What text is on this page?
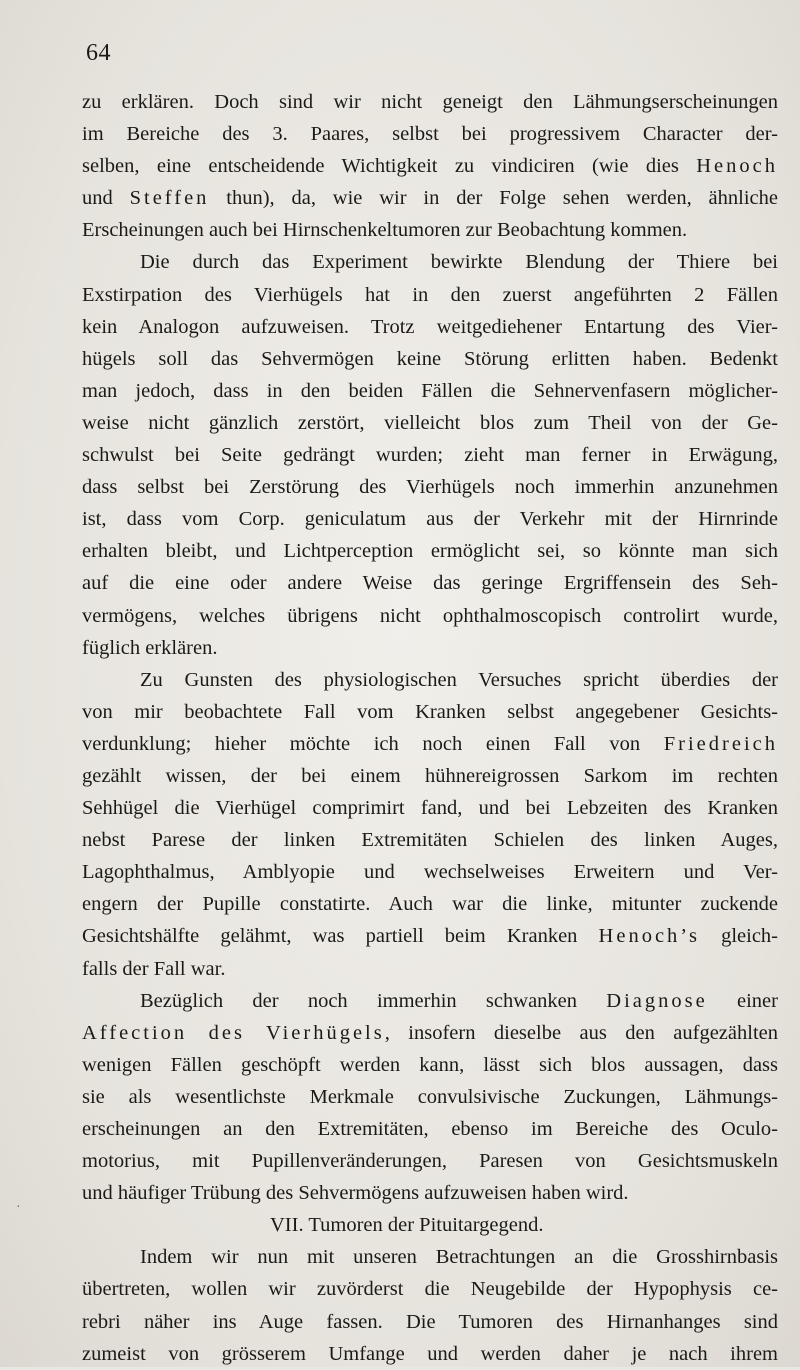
64
zu erklären. Doch sind wir nicht geneigt den Lähmungserscheinungen
im Bereiche des 3. Paares, selbst bei progressivem Character der-
selben, eine entscheidende Wichtigkeit zu vindiciren (wie dies Henoch
und Steffen thun), da, wie wir in der Folge sehen werden, ähnliche
Erscheinungen auch bei Hirnschenkeltumoren zur Beobachtung kommen.
Die durch das Experiment bewirkte Blendung der Thiere bei
Exstirpation des Vierhügels hat in den zuerst angeführten 2 Fällen
kein Analogon aufzuweisen. Trotz weitgediehener Entartung des Vier-
hügels soll das Sehvermögen keine Störung erlitten haben. Bedenkt
man jedoch, dass in den beiden Fällen die Sehnervenfasern möglicher-
weise nicht gänzlich zerstört, vielleicht blos zum Theil von der Ge-
schwulst bei Seite gedrängt wurden; zieht man ferner in Erwägung,
dass selbst bei Zerstörung des Vierhügels noch immerhin anzunehmen
ist, dass vom Corp. geniculatum aus der Verkehr mit der Hirnrinde
erhalten bleibt, und Lichtperception ermöglicht sei, so könnte man sich
auf die eine oder andere Weise das geringe Ergriffensein des Seh-
vermögens, welches übrigens nicht ophthalmoscopisch controlirt wurde,
füglich erklären.
Zu Gunsten des physiologischen Versuches spricht überdies der
von mir beobachtete Fall vom Kranken selbst angegebener Gesichts-
verdunklung; hieher möchte ich noch einen Fall von Friedreich
gezählt wissen, der bei einem hühnereigrossen Sarkom im rechten
Sehhügel die Vierhügel comprimirt fand, und bei Lebzeiten des Kranken
nebst Parese der linken Extremitäten Schielen des linken Auges,
Lagophthalmus, Amblyopie und wechselweises Erweitern und Ver-
engern der Pupille constatirte. Auch war die linke, mitunter zuckende
Gesichtshälfte gelähmt, was partiell beim Kranken Henoch’s gleich-
falls der Fall war.
Bezüglich der noch immerhin schwanken Diagnose einer
Affection des Vierhügels, insofern dieselbe aus den aufgezählten
wenigen Fällen geschöpft werden kann, lässt sich blos aussagen, dass
sie als wesentlichste Merkmale convulsivische Zuckungen, Lähmungs-
erscheinungen an den Extremitäten, ebenso im Bereiche des Oculo-
motorius, mit Pupillenveränderungen, Paresen von Gesichtsmuskeln
und häufiger Trübung des Sehvermögens aufzuweisen haben wird.
VII. Tumoren der Pituitargegend.
Indem wir nun mit unseren Betrachtungen an die Grosshirnbasis
übertreten, wollen wir zuvörderst die Neugebilde der Hypophysis ce-
rebri näher ins Auge fassen. Die Tumoren des Hirnanhanges sind
zumeist von grösserem Umfange und werden daher je nach ihrem
·
